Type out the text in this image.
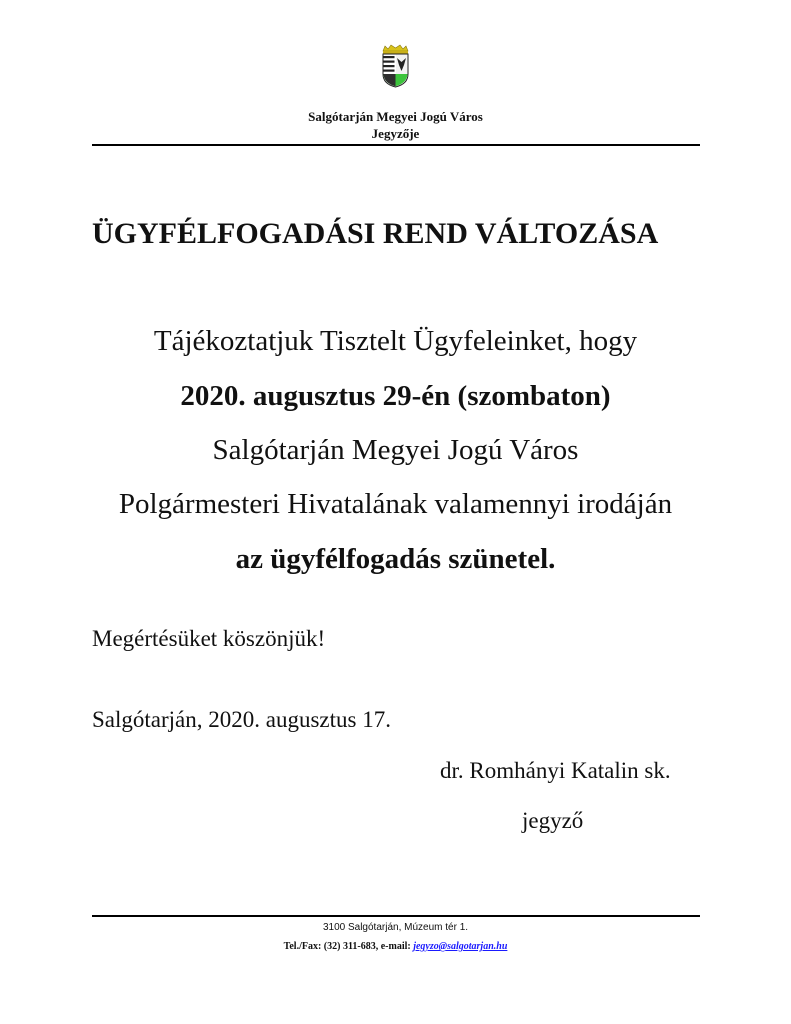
Salgótarján Megyei Jogú Város
Jegyzője
ÜGYFÉLFOGADÁSI REND VÁLTOZÁSA
Tájékoztatjuk Tisztelt Ügyfeleinket, hogy
2020. augusztus 29-én (szombaton)
Salgótarján Megyei Jogú Város
Polgármesteri Hivatalának valamennyi irodáján
az ügyfélfogadás szünetel.
Megértésüket köszönjük!
Salgótarján, 2020. augusztus 17.
dr. Romhányi Katalin sk.
jegyző
3100 Salgótarján, Múzeum tér 1.
Tel./Fax: (32) 311-683, e-mail: jegyzo@salgotarjan.hu
